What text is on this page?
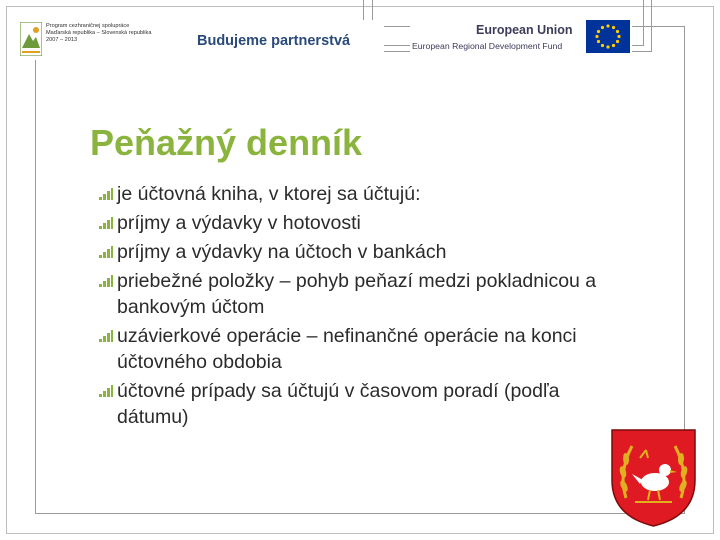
Program cezhraničnej spolupráce
Maďarská republika – Slovenská republika
2007 – 2013	Budujeme partnerstvá
European Union
European Regional Development Fund
Peňažný denník
je účtovná kniha, v ktorej sa účtujú:
príjmy a výdavky v hotovosti
príjmy a výdavky na účtoch v bankách
priebežné položky – pohyb peňazí medzi pokladnicou a bankovým účtom
uzávierkové operácie – nefinančné operácie na konci účtovného obdobia
účtovné prípady sa účtujú v časovom poradí (podľa dátumu)
